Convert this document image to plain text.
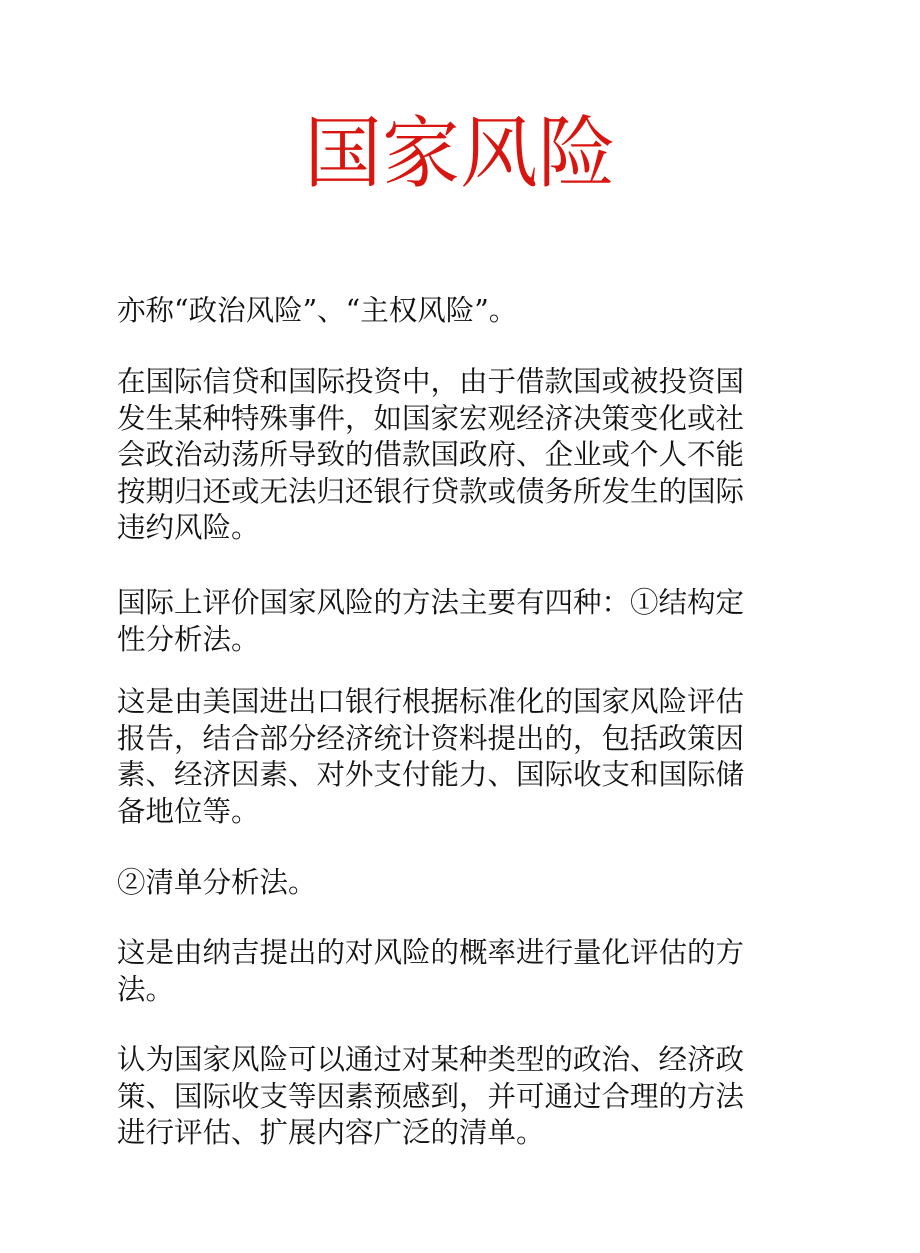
国家风险

亦称“政治风险”、“主权风险”。

在国际信贷和国际投资中，由于借款国或被投资国发生某种特殊事件，如国家宏观经济决策变化或社会政治动荡所导致的借款国政府、企业或个人不能按期归还或无法归还银行贷款或债务所发生的国际违约风险。

国际上评价国家风险的方法主要有四种：①结构定性分析法。

这是由美国进出口银行根据标准化的国家风险评估报告，结合部分经济统计资料提出的，包括政策因素、经济因素、对外支付能力、国际收支和国际储备地位等。

②清单分析法。

这是由纳吉提出的对风险的概率进行量化评估的方法。

认为国家风险可以通过对某种类型的政治、经济政策、国际收支等因素预感到，并可通过合理的方法进行评估、扩展内容广泛的清单。
